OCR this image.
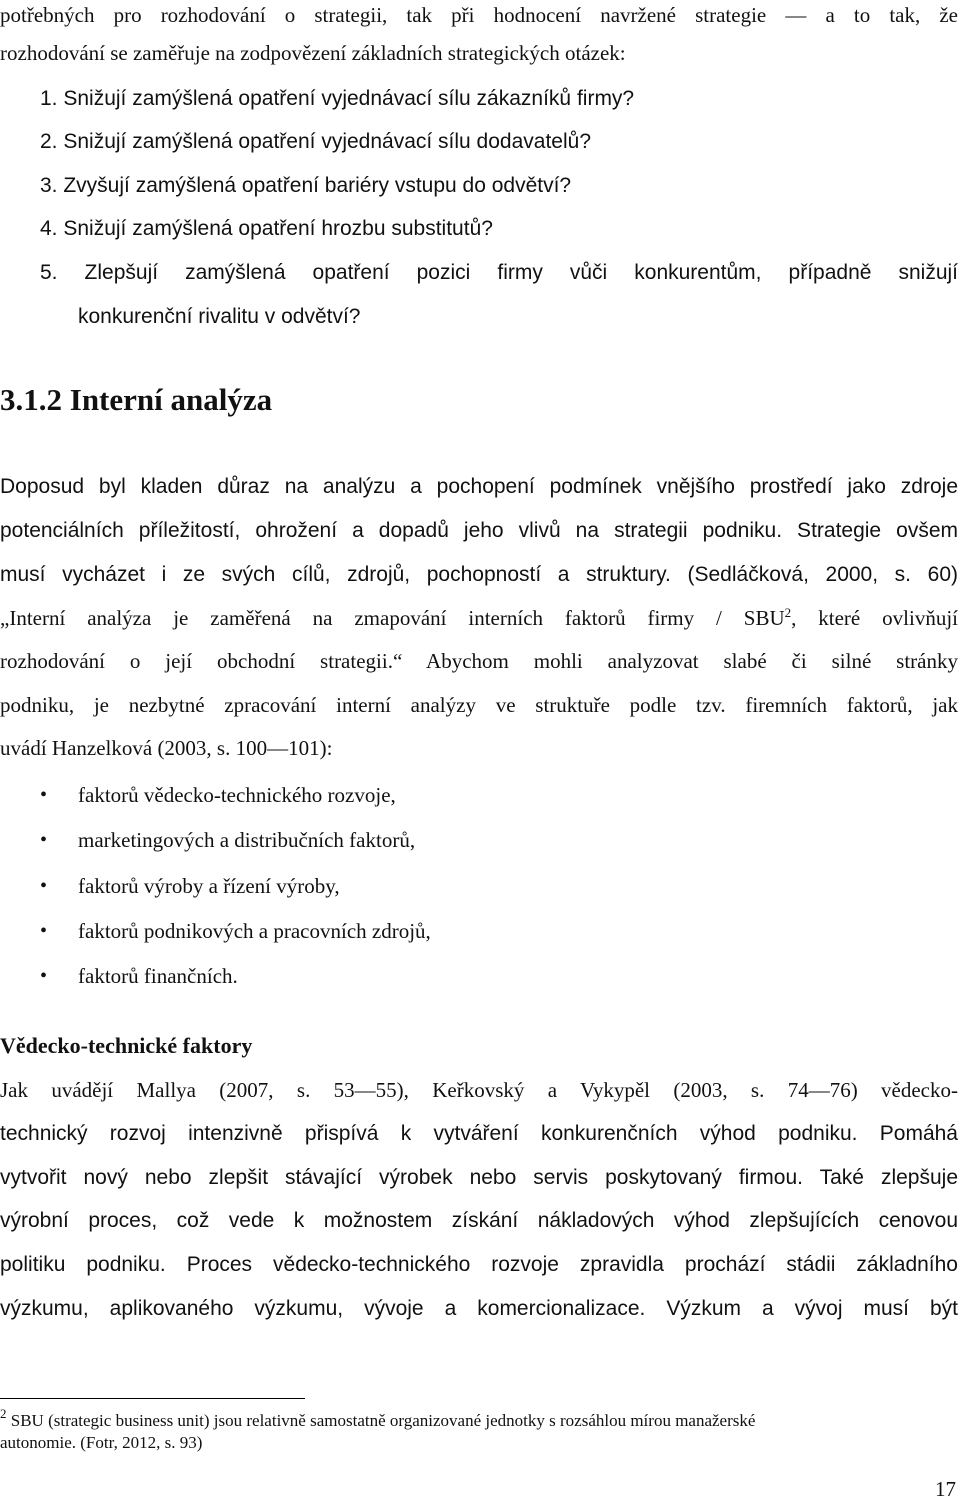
potřebných pro rozhodování o strategii, tak při hodnocení navržené strategie — a to tak, že
rozhodování se zaměřuje na zodpovězení základních strategických otázek:
1. Snižují zamýšlená opatření vyjednávací sílu zákazníků firmy?
2. Snižují zamýšlená opatření vyjednávací sílu dodavatelů?
3. Zvyšují zamýšlená opatření bariéry vstupu do odvětví?
4. Snižují zamýšlená opatření hrozbu substitutů?
5. Zlepšují zamýšlená opatření pozici firmy vůči konkurentům, případně snižují
konkurenční rivalitu v odvětví?
3.1.2 Interní analýza
Doposud byl kladen důraz na analýzu a pochopení podmínek vnějšího prostředí jako zdroje
potenciálních příležitostí, ohrožení a dopadů jeho vlivů na strategii podniku. Strategie ovšem
musí vycházet i ze svých cílů, zdrojů, pochopností a struktury. (Sedláčková, 2000, s. 60)
„Interní analýza je zaměřená na zmapování interních faktorů firmy / SBU$^2$, které ovlivňují
rozhodování o její obchodní strategii.“ Abychom mohli analyzovat slabé či silné stránky
podniku, je nezbytné zpracování interní analýzy ve struktuře podle tzv. firemních faktorů, jak
uvádí Hanzelková (2003, s. 100—101):
• faktorů vědecko-technického rozvoje,
• marketingových a distribučních faktorů,
• faktorů výroby a řízení výroby,
• faktorů podnikových a pracovních zdrojů,
• faktorů finančních.
Vědecko-technické faktory
Jak uvádějí Mallya (2007, s. 53—55), Keřkovský a Vykypěl (2003, s. 74—76) vědecko-
technický rozvoj intenzivně přispívá k vytváření konkurenčních výhod podniku. Pomáhá
vytvořit nový nebo zlepšit stávající výrobek nebo servis poskytovaný firmou. Také zlepšuje
výrobní proces, což vede k možnostem získání nákladových výhod zlepšujících cenovou
politiku podniku. Proces vědecko-technického rozvoje zpravidla prochází stádii základního
výzkumu, aplikovaného výzkumu, vývoje a komercionalizace. Výzkum a vývoj musí být
$^2$ SBU (strategic business unit) jsou relativně samostatně organizované jednotky s rozsáhlou mírou manažerské
autonomie. (Fotr, 2012, s. 93)
17
